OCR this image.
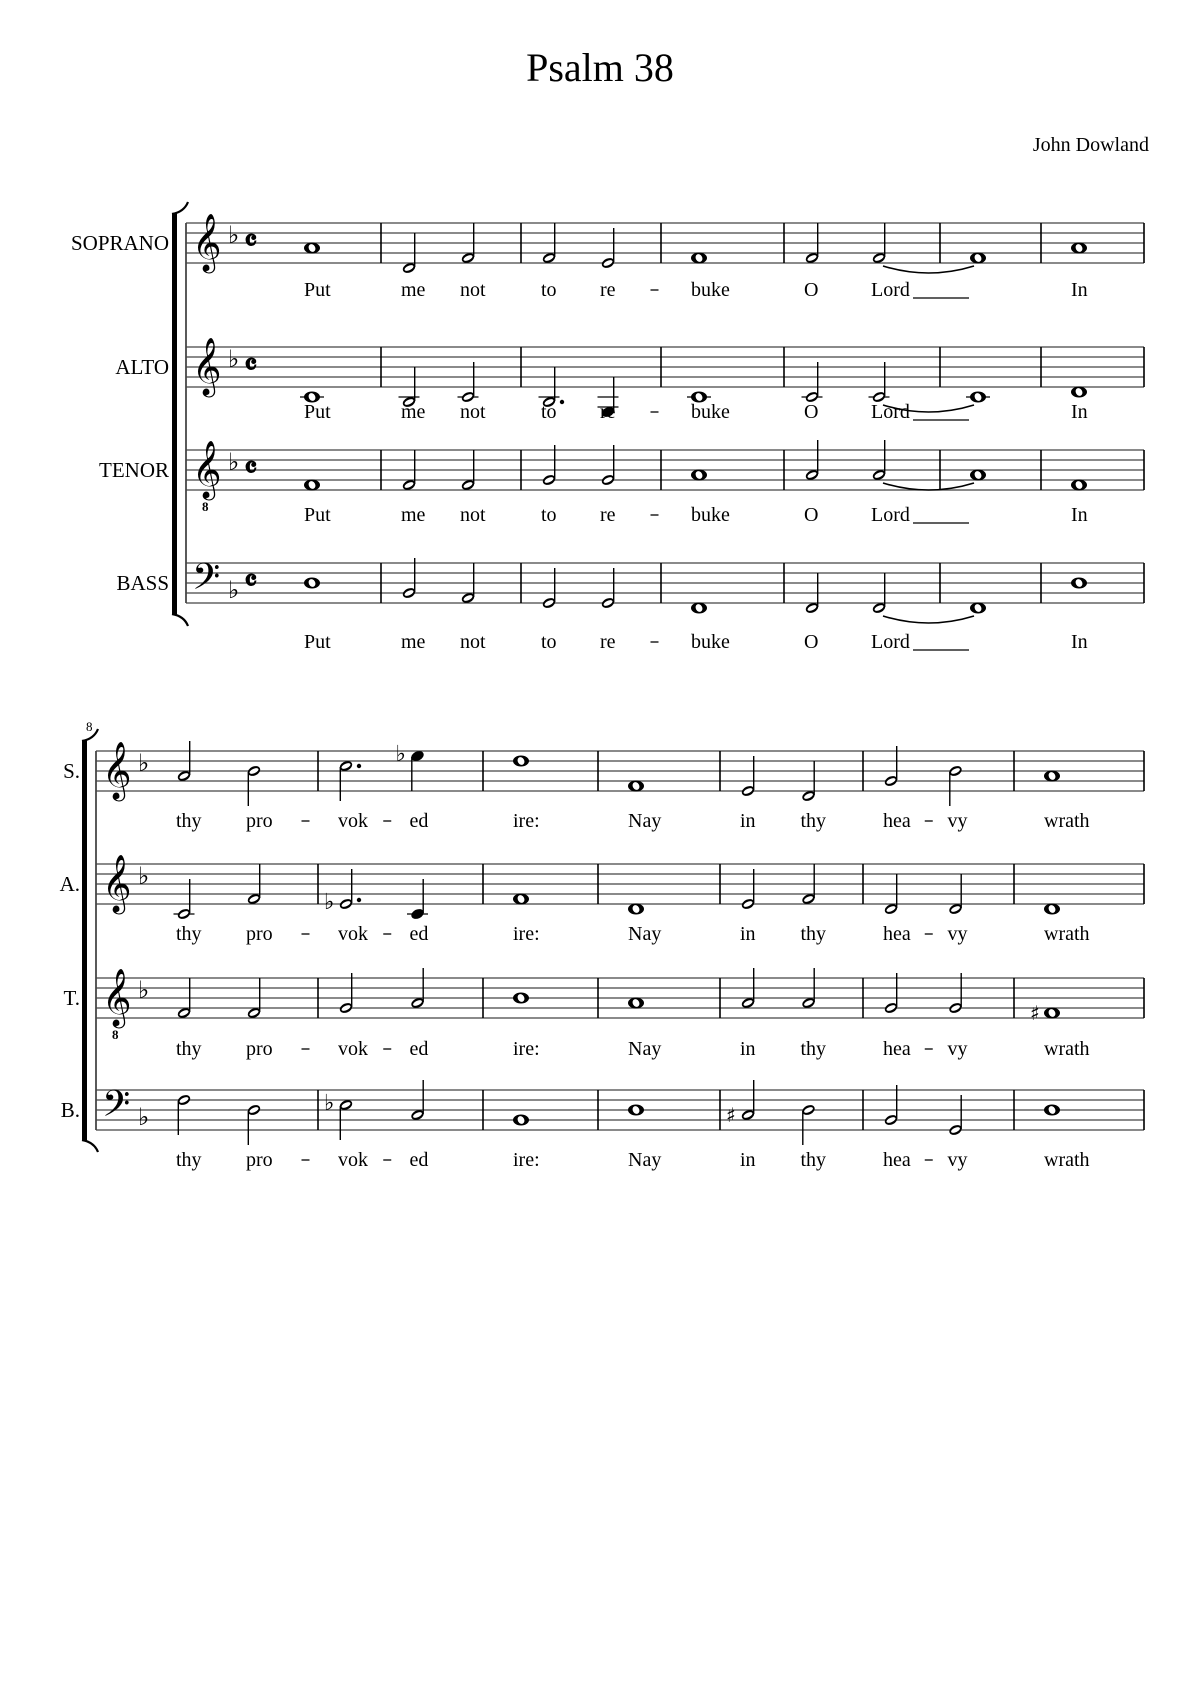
Psalm 38
John Dowland
SOPRANO 𝄞 ♭ 𝄴
Put	me not	to re	buke	O	Lord	In
ALTO 𝄞 ♭ 𝄴
Put	me not	to re	buke	O	Lord	In
TENOR 𝄞
8
♭ 𝄴
Put	me not	to re	buke	O	Lord	In
BASS 𝄢 ♭ 𝄴
Put	me not	to re	buke	O	Lord	In
8
S. 𝄞 ♭	♭
thy pro	vok ed	ire:	Nay	in thy	hea vy	wrath
A. 𝄞 ♭
♭
thy pro	vok ed	ire:	Nay	in thy	hea vy	wrath
T. 𝄞
8
♭
♯
thy pro	vok ed	ire:	Nay	in thy	hea vy	wrath
B. 𝄢 ♭	♭	♯
thy pro	vok ed	ire:	Nay	in thy	hea vy	wrath
